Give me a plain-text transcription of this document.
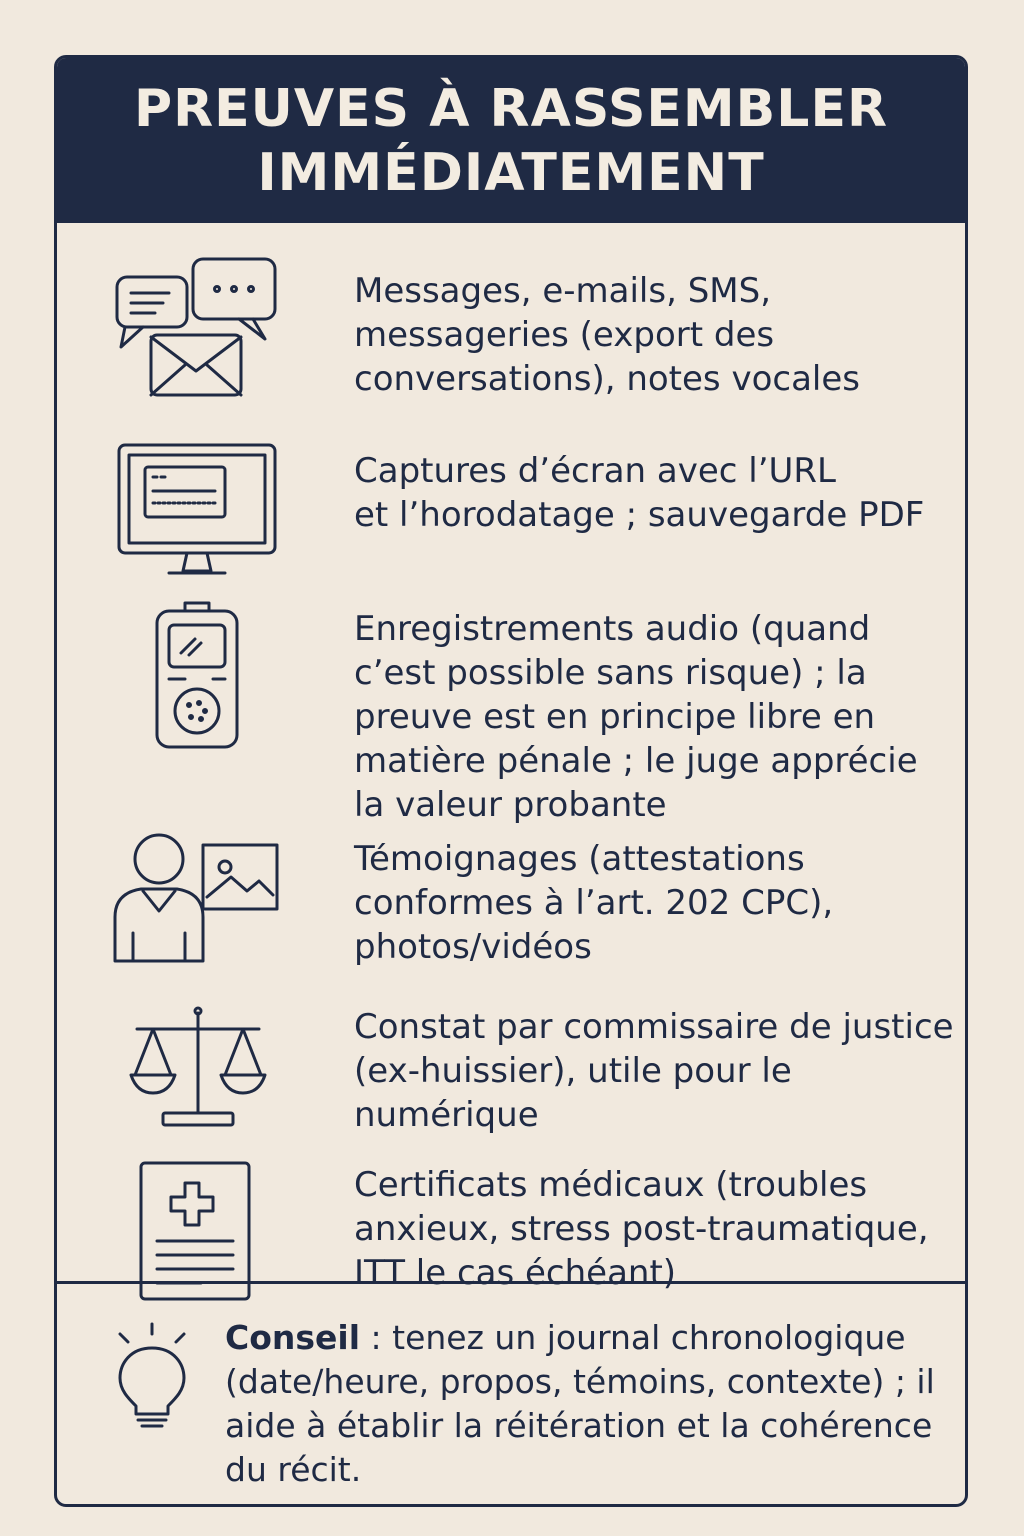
PREUVES À RASSEMBLER
IMMÉDIATEMENT
Messages, e-mails, SMS,
messageries (export des
conversations), notes vocales
Captures d’écran avec l’URL
et l’horodatage ; sauvegarde PDF
Enregistrements audio (quand
c’est possible sans risque) ; la
preuve est en principe libre en
matière pénale ; le juge apprécie
la valeur probante
Témoignages (attestations
conformes à l’art. 202 CPC),
photos/vidéos
Constat par commissaire de justice
(ex-huissier), utile pour le numérique
Certificats médicaux (troubles
anxieux, stress post-traumatique,
ITT le cas échéant)
Conseil : tenez un journal chronologique (date/heure, propos, témoins, contexte) ; il aide à établir la réitération et la cohérence du récit.
